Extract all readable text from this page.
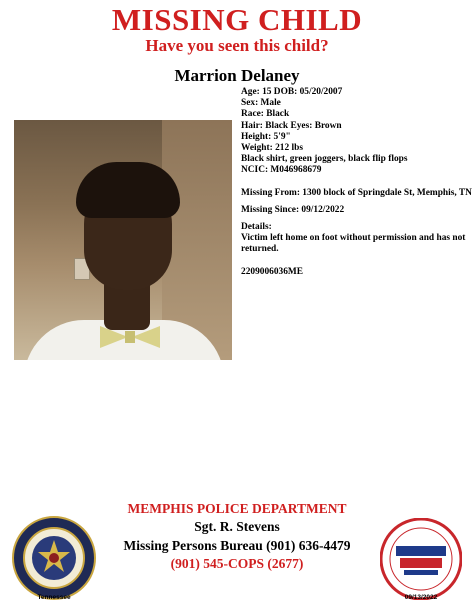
MISSING CHILD
Have you seen this child?
Marrion Delaney
Age: 15 DOB: 05/20/2007
Sex: Male
Race: Black
Hair: Black Eyes: Brown
Height: 5'9"
Weight: 212 lbs
Black shirt, green joggers, black flip flops
NCIC: M046968679
Missing From: 1300 block of Springdale St, Memphis, TN
Missing Since: 09/12/2022
Details:
Victim left home on foot without permission and has not returned.
2209006036ME
MEMPHIS POLICE DEPARTMENT
Sgt. R. Stevens
Missing Persons Bureau (901) 636-4479
(901) 545-COPS (2677)
Tennessee	09/13/2022
